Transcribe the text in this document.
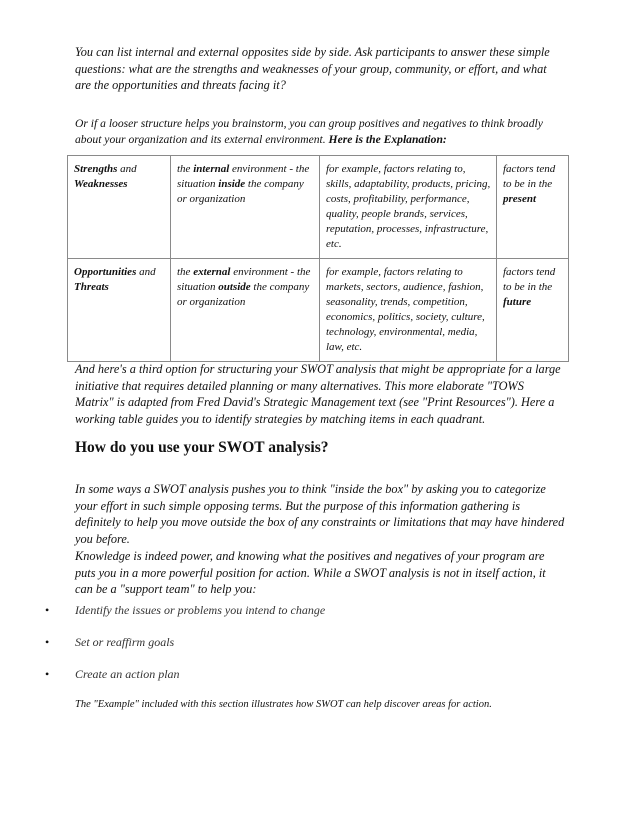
You can list internal and external opposites side by side. Ask participants to answer these simple questions: what are the strengths and weaknesses of your group, community, or effort, and what are the opportunities and threats facing it?

Or if a looser structure helps you brainstorm, you can group positives and negatives to think broadly about your organization and its external environment. Here is the Explanation:

Strengths and Weaknesses	the internal environment - the situation inside the company or organization	for example, factors relating to, skills, adaptability, products, pricing, costs, profitability, performance, quality, people brands, services, reputation, processes, infrastructure, etc.	factors tend to be in the
present
Opportunities and Threats	the external environment - the situation outside the company or organization	for example, factors relating to markets, sectors, audience, fashion, seasonality, trends, competition, economics, politics, society, culture, technology, environmental, media, law, etc.	factors tend to be in the
future

And here's a third option for structuring your SWOT analysis that might be appropriate for a large initiative that requires detailed planning or many alternatives. This more elaborate "TOWS Matrix" is adapted from Fred David's Strategic Management text (see "Print Resources"). Here a working table guides you to identify strategies by matching items in each quadrant.

How do you use your SWOT analysis?

In some ways a SWOT analysis pushes you to think "inside the box" by asking you to categorize your effort in such simple opposing terms. But the purpose of this information gathering is definitely to help you move outside the box of any constraints or limitations that may have hindered you before.

Knowledge is indeed power, and knowing what the positives and negatives of your program are puts you in a more powerful position for action. While a SWOT analysis is not in itself action, it can be a "support team" to help you:

• Identify the issues or problems you intend to change
• Set or reaffirm goals
• Create an action plan

The "Example" included with this section illustrates how SWOT can help discover areas for action.
